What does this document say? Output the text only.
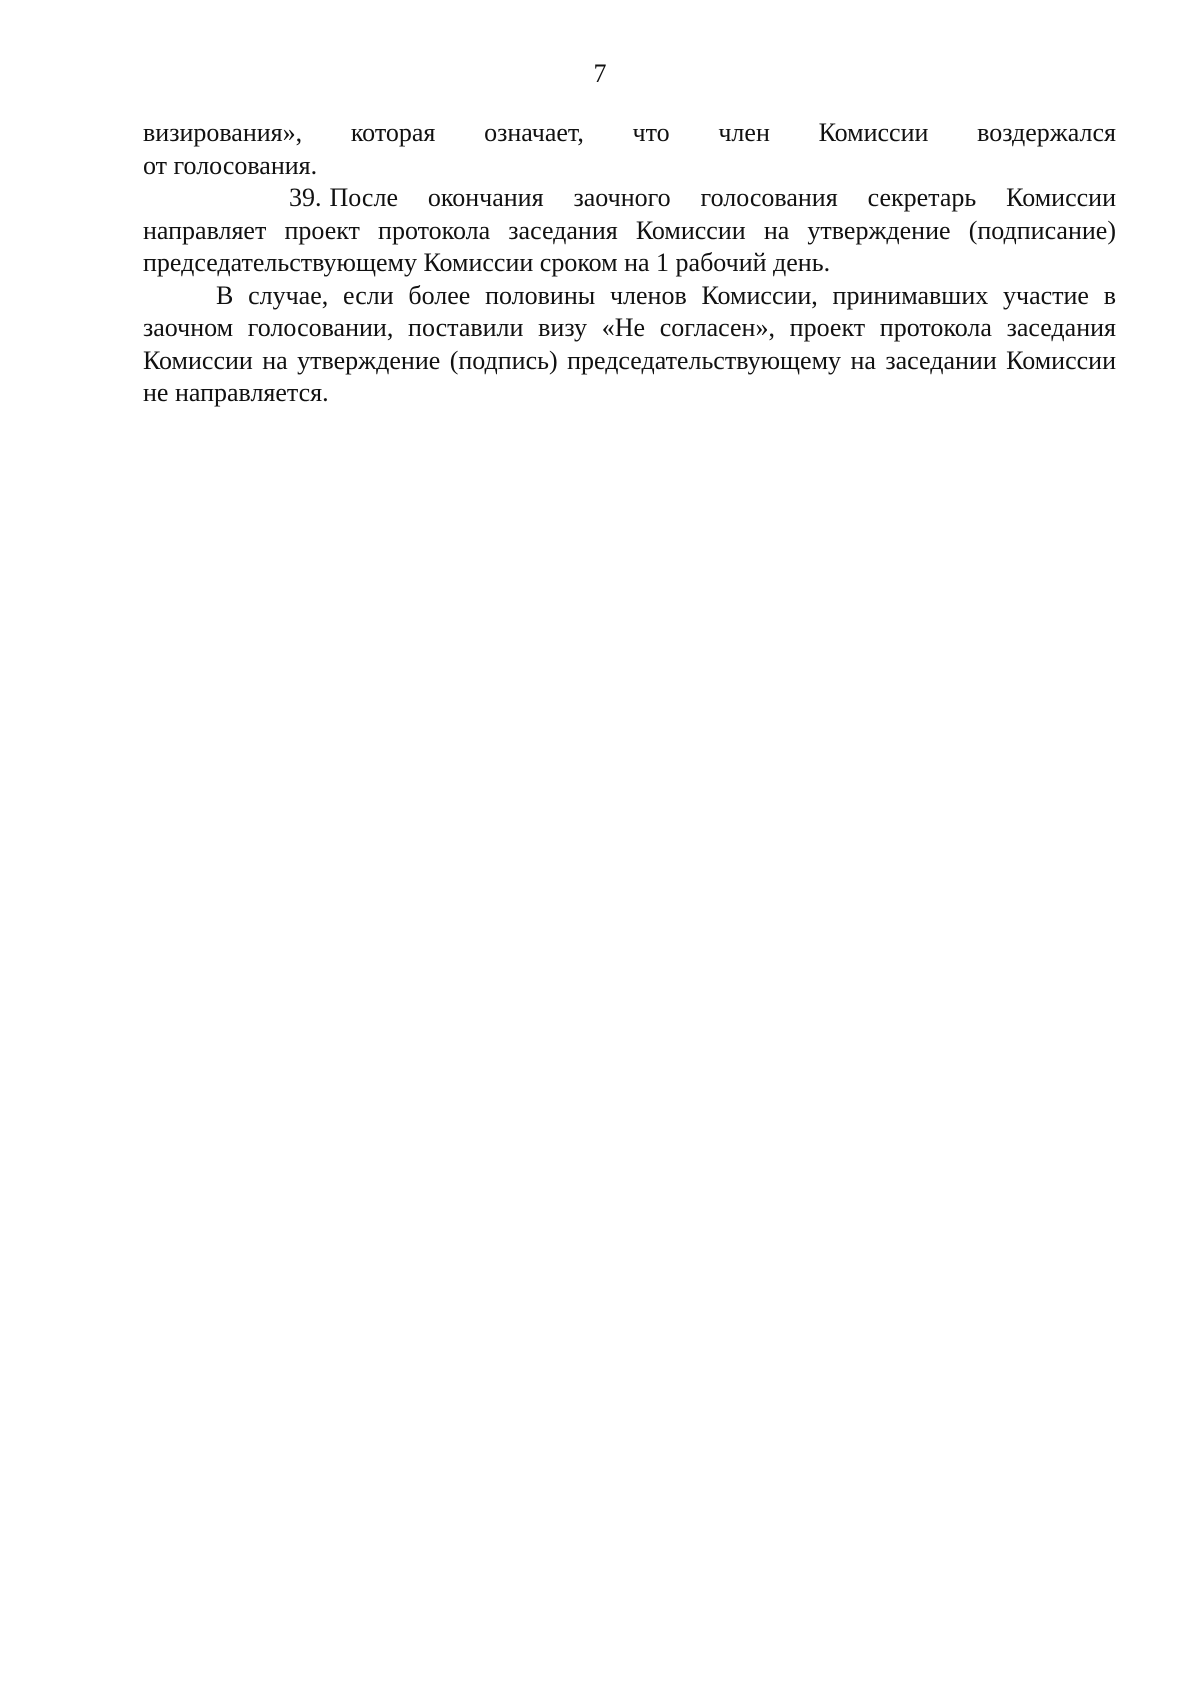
7

визирования», которая означает, что член Комиссии воздержался
от голосования.

39. После окончания заочного голосования секретарь Комиссии направляет проект протокола заседания Комиссии на утверждение (подписание) председательствующему Комиссии сроком на 1 рабочий день.

В случае, если более половины членов Комиссии, принимавших участие в заочном голосовании, поставили визу «Не согласен», проект протокола заседания Комиссии на утверждение (подпись) председательствующему на заседании Комиссии не направляется.
